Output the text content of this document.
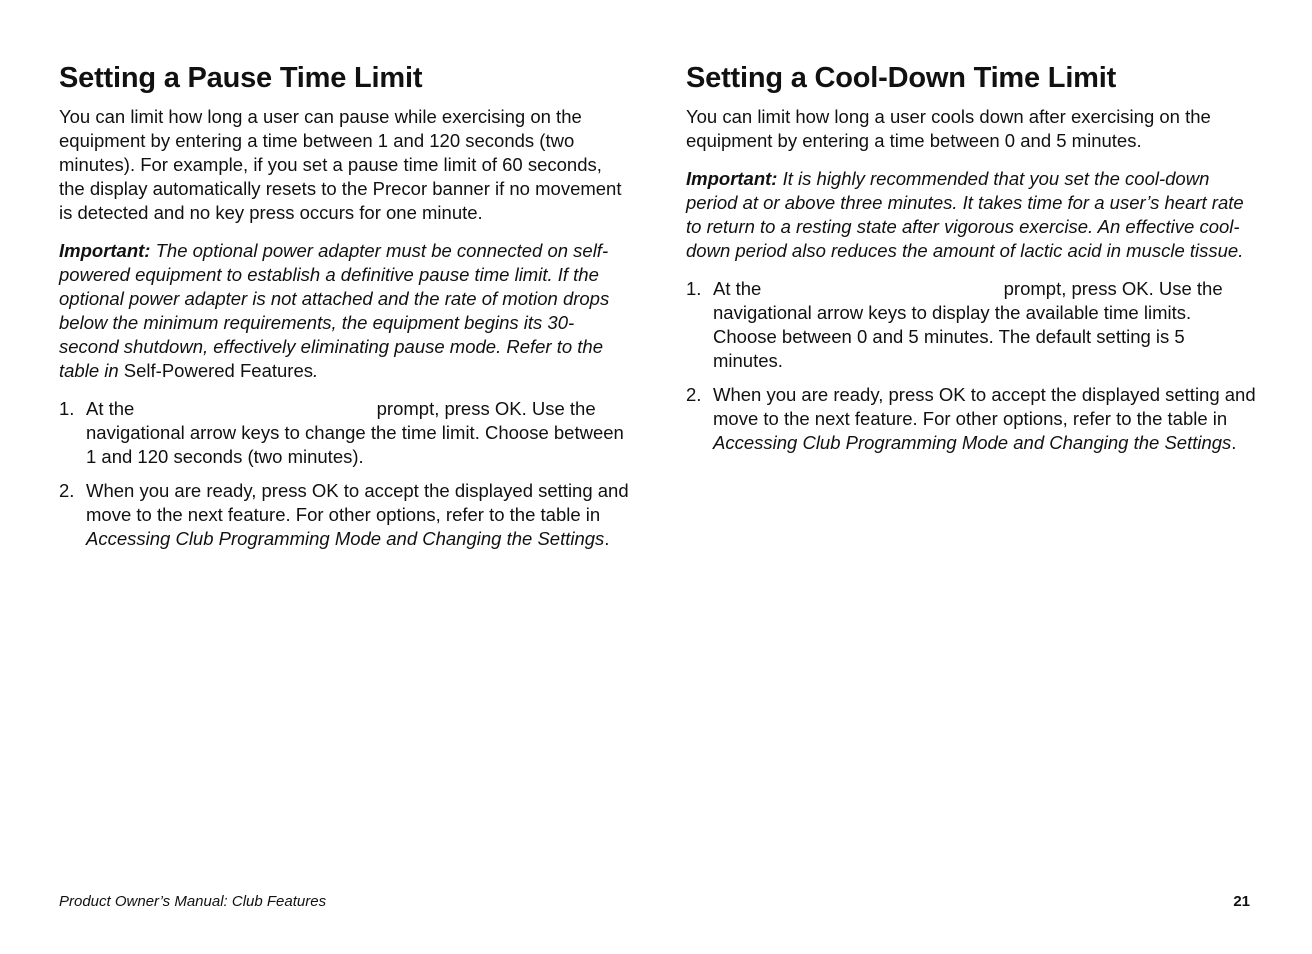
Setting a Pause Time Limit

You can limit how long a user can pause while exercising on the equipment by entering a time between 1 and 120 seconds (two minutes). For example, if you set a pause time limit of 60 seconds, the display automatically resets to the Precor banner if no movement is detected and no key press occurs for one minute.

Important: The optional power adapter must be connected on self-powered equipment to establish a definitive pause time limit. If the optional power adapter is not attached and the rate of motion drops below the minimum requirements, the equipment begins its 30-second shutdown, effectively eliminating pause mode. Refer to the table in Self-Powered Features.

1. At the	prompt, press OK. Use the navigational arrow keys to change the time limit. Choose between 1 and 120 seconds (two minutes).
2. When you are ready, press OK to accept the displayed setting and move to the next feature. For other options, refer to the table in Accessing Club Programming Mode and Changing the Settings.
Setting a Cool-Down Time Limit

You can limit how long a user cools down after exercising on the equipment by entering a time between 0 and 5 minutes.

Important: It is highly recommended that you set the cool-down period at or above three minutes. It takes time for a user’s heart rate to return to a resting state after vigorous exercise. An effective cool-down period also reduces the amount of lactic acid in muscle tissue.

1. At the	prompt, press OK. Use the navigational arrow keys to display the available time limits. Choose between 0 and 5 minutes. The default setting is 5 minutes.
2. When you are ready, press OK to accept the displayed setting and move to the next feature. For other options, refer to the table in Accessing Club Programming Mode and Changing the Settings.
Product Owner’s Manual: Club Features	21
